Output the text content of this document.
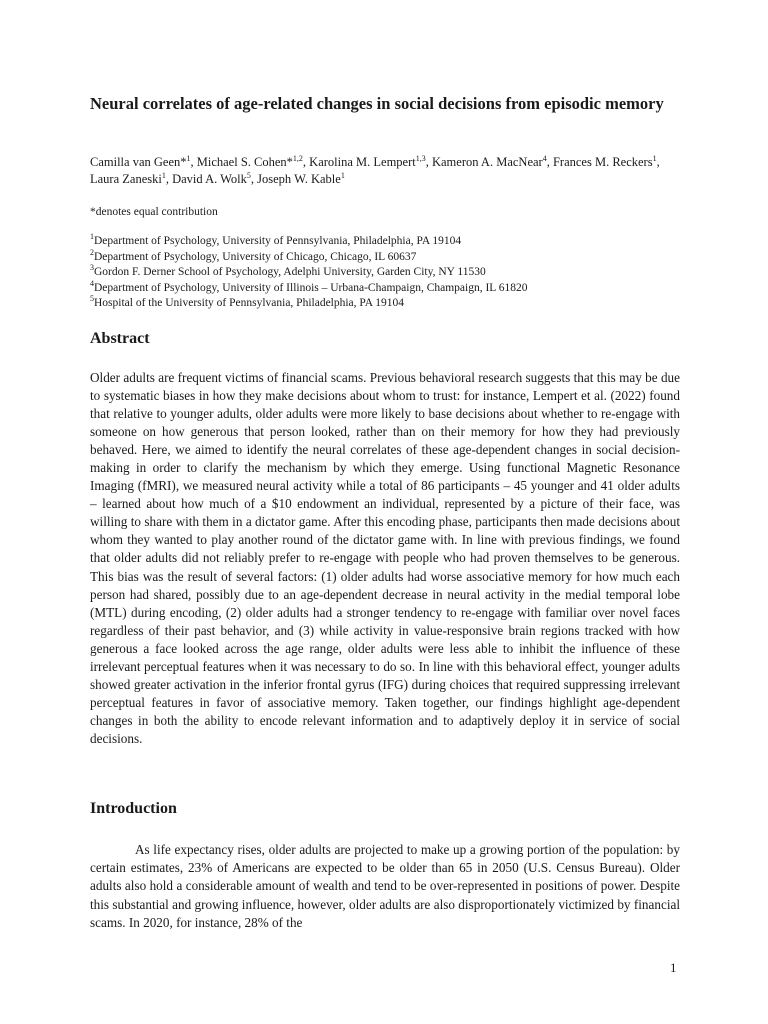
Neural correlates of age-related changes in social decisions from episodic memory

Camilla van Geen*$^1$, Michael S. Cohen*$^{1,2}$, Karolina M. Lempert$^{1,3}$, Kameron A. MacNear$^4$, Frances M. Reckers$^1$, Laura Zaneski$^1$, David A. Wolk$^5$, Joseph W. Kable$^1$

*denotes equal contribution

$^1$Department of Psychology, University of Pennsylvania, Philadelphia, PA 19104
$^2$Department of Psychology, University of Chicago, Chicago, IL 60637
$^3$Gordon F. Derner School of Psychology, Adelphi University, Garden City, NY 11530
$^4$Department of Psychology, University of Illinois – Urbana-Champaign, Champaign, IL 61820
$^5$Hospital of the University of Pennsylvania, Philadelphia, PA 19104
Abstract

Older adults are frequent victims of financial scams. Previous behavioral research suggests that this may be due to systematic biases in how they make decisions about whom to trust: for instance, Lempert et al. (2022) found that relative to younger adults, older adults were more likely to base decisions about whether to re-engage with someone on how generous that person looked, rather than on their memory for how they had previously behaved. Here, we aimed to identify the neural correlates of these age-dependent changes in social decision-making in order to clarify the mechanism by which they emerge. Using functional Magnetic Resonance Imaging (fMRI), we measured neural activity while a total of 86 participants – 45 younger and 41 older adults – learned about how much of a $10 endowment an individual, represented by a picture of their face, was willing to share with them in a dictator game. After this encoding phase, participants then made decisions about whom they wanted to play another round of the dictator game with. In line with previous findings, we found that older adults did not reliably prefer to re-engage with people who had proven themselves to be generous. This bias was the result of several factors: (1) older adults had worse associative memory for how much each person had shared, possibly due to an age-dependent decrease in neural activity in the medial temporal lobe (MTL) during encoding, (2) older adults had a stronger tendency to re-engage with familiar over novel faces regardless of their past behavior, and (3) while activity in value-responsive brain regions tracked with how generous a face looked across the age range, older adults were less able to inhibit the influence of these irrelevant perceptual features when it was necessary to do so. In line with this behavioral effect, younger adults showed greater activation in the inferior frontal gyrus (IFG) during choices that required suppressing irrelevant perceptual features in favor of associative memory. Taken together, our findings highlight age-dependent changes in both the ability to encode relevant information and to adaptively deploy it in service of social decisions.

Introduction

As life expectancy rises, older adults are projected to make up a growing portion of the population: by certain estimates, 23% of Americans are expected to be older than 65 in 2050 (U.S. Census Bureau). Older adults also hold a considerable amount of wealth and tend to be over-represented in positions of power. Despite this substantial and growing influence, however, older adults are also disproportionately victimized by financial scams. In 2020, for instance, 28% of the

1
